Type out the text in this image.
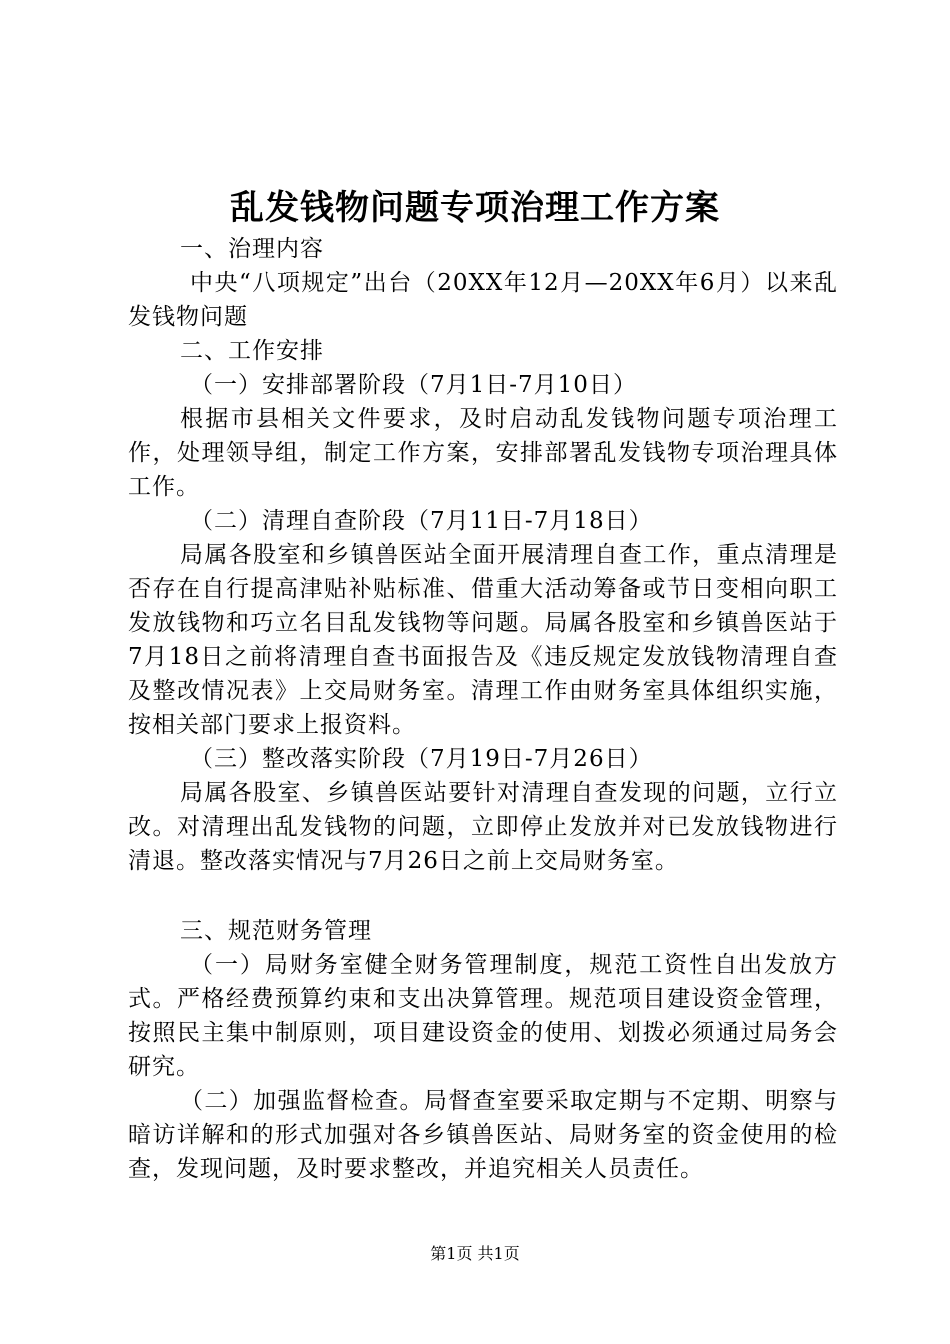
乱发钱物问题专项治理工作方案

一、治理内容

中央“八项规定”出台（20XX年12月—20XX年6月）以来乱发钱物问题

二、工作安排

（一）安排部署阶段（7月1日-7月10日）

根据市县相关文件要求，及时启动乱发钱物问题专项治理工作，处理领导组，制定工作方案，安排部署乱发钱物专项治理具体工作。

（二）清理自查阶段（7月11日-7月18日）

局属各股室和乡镇兽医站全面开展清理自查工作，重点清理是否存在自行提高津贴补贴标准、借重大活动筹备或节日变相向职工发放钱物和巧立名目乱发钱物等问题。局属各股室和乡镇兽医站于7月18日之前将清理自查书面报告及《违反规定发放钱物清理自查及整改情况表》上交局财务室。清理工作由财务室具体组织实施，按相关部门要求上报资料。

（三）整改落实阶段（7月19日-7月26日）

局属各股室、乡镇兽医站要针对清理自查发现的问题，立行立改。对清理出乱发钱物的问题，立即停止发放并对已发放钱物进行清退。整改落实情况与7月26日之前上交局财务室。

三、规范财务管理

（一）局财务室健全财务管理制度，规范工资性自出发放方式。严格经费预算约束和支出决算管理。规范项目建设资金管理，按照民主集中制原则，项目建设资金的使用、划拨必须通过局务会研究。

（二）加强监督检查。局督查室要采取定期与不定期、明察与暗访详解和的形式加强对各乡镇兽医站、局财务室的资金使用的检查，发现问题，及时要求整改，并追究相关人员责任。

第1页 共1页
